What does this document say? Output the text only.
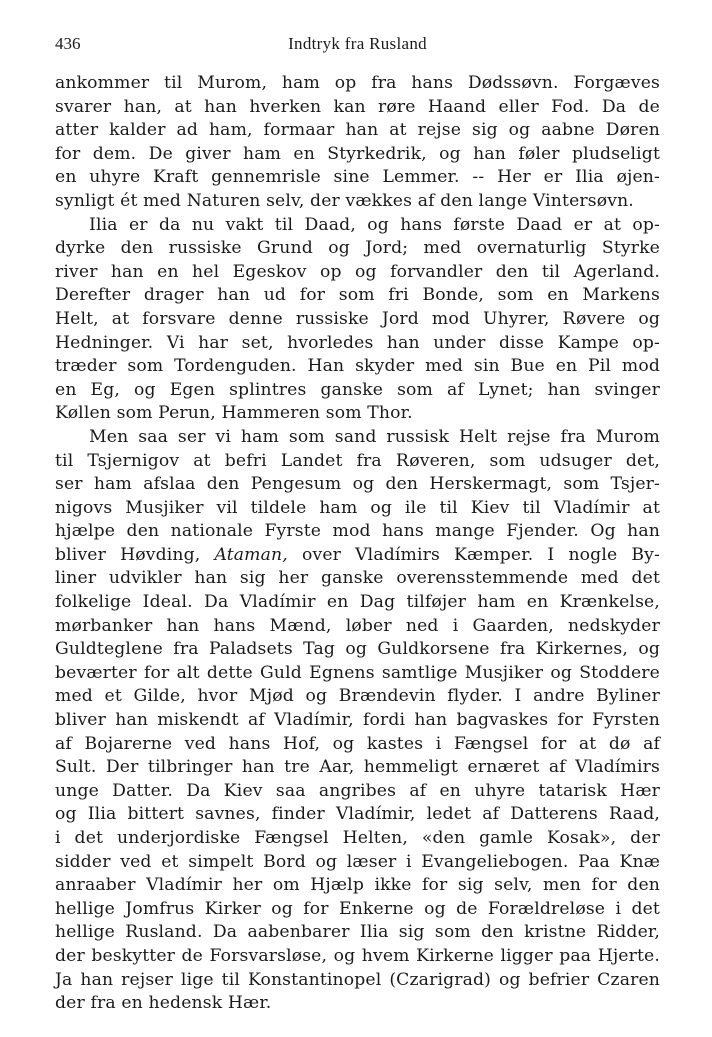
436	Indtryk fra Rusland
ankommer til Murom, ham op fra hans Dødssøvn. Forgæves
svarer han, at han hverken kan røre Haand eller Fod. Da de
atter kalder ad ham, formaar han at rejse sig og aabne Døren
for dem. De giver ham en Styrkedrik, og han føler pludseligt
en uhyre Kraft gennemrisle sine Lemmer. -- Her er Ilia øjen-
synligt ét med Naturen selv, der vækkes af den lange Vintersøvn.
Ilia er da nu vakt til Daad, og hans første Daad er at op-
dyrke den russiske Grund og Jord; med overnaturlig Styrke
river han en hel Egeskov op og forvandler den til Agerland.
Derefter drager han ud for som fri Bonde, som en Markens
Helt, at forsvare denne russiske Jord mod Uhyrer, Røvere og
Hedninger. Vi har set, hvorledes han under disse Kampe op-
træder som Tordenguden. Han skyder med sin Bue en Pil mod
en Eg, og Egen splintres ganske som af Lynet; han svinger
Køllen som Perun, Hammeren som Thor.
Men saa ser vi ham som sand russisk Helt rejse fra Murom
til Tsjernigov at befri Landet fra Røveren, som udsuger det,
ser ham afslaa den Pengesum og den Herskermagt, som Tsjer-
nigovs Musjiker vil tildele ham og ile til Kiev til Vladímir at
hjælpe den nationale Fyrste mod hans mange Fjender. Og han
bliver Høvding, Ataman, over Vladímirs Kæmper. I nogle By-
liner udvikler han sig her ganske overensstemmende med det
folkelige Ideal. Da Vladímir en Dag tilføjer ham en Krænkelse,
mørbanker han hans Mænd, løber ned i Gaarden, nedskyder
Guldteglene fra Paladsets Tag og Guldkorsene fra Kirkernes, og
beværter for alt dette Guld Egnens samtlige Musjiker og Stoddere
med et Gilde, hvor Mjød og Brændevin flyder. I andre Byliner
bliver han miskendt af Vladímir, fordi han bagvaskes for Fyrsten
af Bojarerne ved hans Hof, og kastes i Fængsel for at dø af
Sult. Der tilbringer han tre Aar, hemmeligt ernæret af Vladímirs
unge Datter. Da Kiev saa angribes af en uhyre tatarisk Hær
og Ilia bittert savnes, finder Vladímir, ledet af Datterens Raad,
i det underjordiske Fængsel Helten, «den gamle Kosak», der
sidder ved et simpelt Bord og læser i Evangeliebogen. Paa Knæ
anraaber Vladímir her om Hjælp ikke for sig selv, men for den
hellige Jomfrus Kirker og for Enkerne og de Forældreløse i det
hellige Rusland. Da aabenbarer Ilia sig som den kristne Ridder,
der beskytter de Forsvarsløse, og hvem Kirkerne ligger paa Hjerte.
Ja han rejser lige til Konstantinopel (Czarigrad) og befrier Czaren
der fra en hedensk Hær.
